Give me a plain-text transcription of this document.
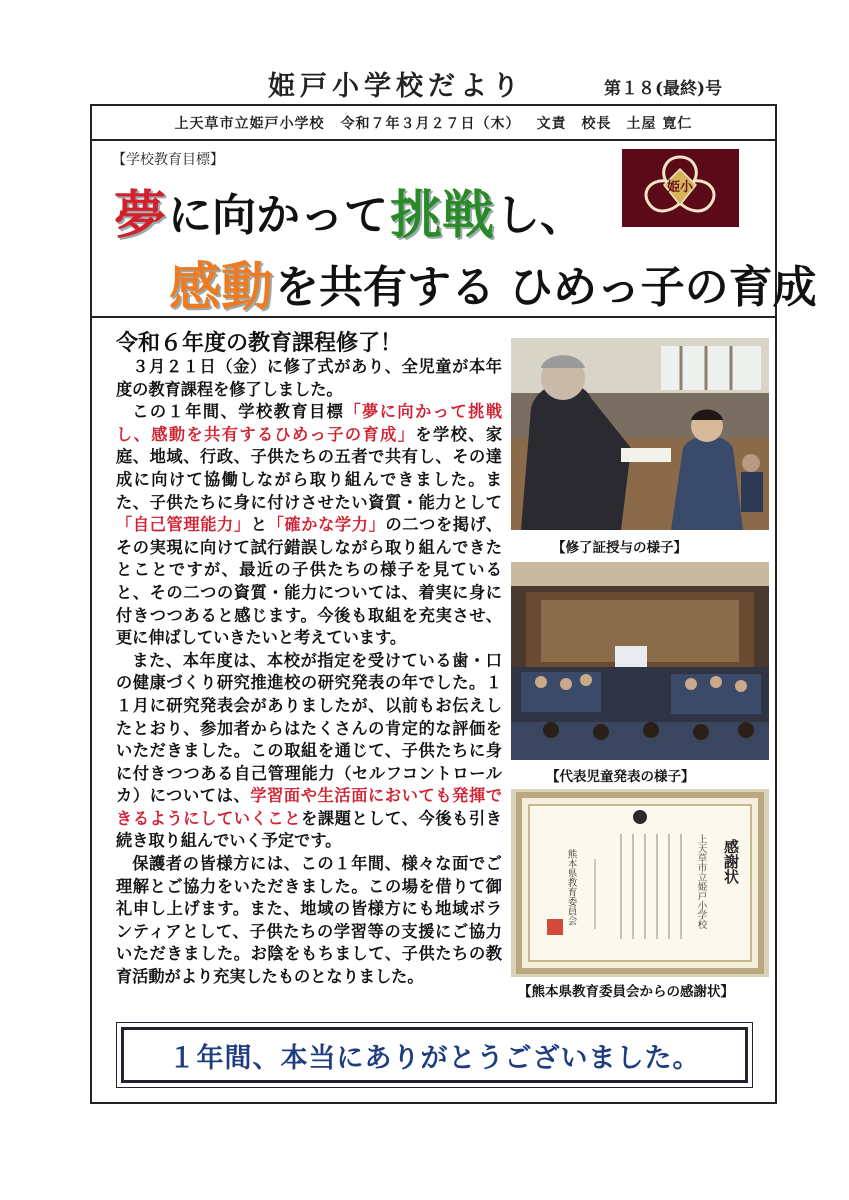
姫戸小学校だより	第１８(最終)号
上天草市立姫戸小学校 令和７年３月２７日（木） 文責　校長　土屋 寛仁
【学校教育目標】
夢 に向かって 挑戦 し、
感動 を共有する ひめっ子の育成
姫小
令和６年度の教育課程修了！

３月２１日（金）に修了式があり、全児童が本年度の教育課程を修了しました。

この１年間、学校教育目標「夢に向かって挑戦し、感動を共有するひめっ子の育成」を学校、家庭、地域、行政、子供たちの五者で共有し、その達成に向けて協働しながら取り組んできました。また、子供たちに身に付けさせたい資質・能力として「自己管理能力」と「確かな学力」の二つを掲げ、その実現に向けて試行錯誤しながら取り組んできたとことですが、最近の子供たちの様子を見ていると、その二つの資質・能力については、着実に身に付きつつあると感じます。今後も取組を充実させ、更に伸ばしていきたいと考えています。

また、本年度は、本校が指定を受けている歯・口の健康づくり研究推進校の研究発表の年でした。１１月に研究発表会がありましたが、以前もお伝えしたとおり、参加者からはたくさんの肯定的な評価をいただきました。この取組を通じて、子供たちに身に付きつつある自己管理能力（セルフコントロールカ）については、学習面や生活面においても発揮できるようにしていくことを課題として、今後も引き続き取り組んでいく予定です。

保護者の皆様方には、この１年間、様々な面でご理解とご協力をいただきました。この場を借りて御礼申し上げます。また、地域の皆様方にも地域ボランティアとして、子供たちの学習等の支援にご協力いただきました。お陰をもちまして、子供たちの教育活動がより充実したものとなりました。

【修了証授与の様子】
【代表児童発表の様子】
感謝状
上天草市立姫戸小学校
熊本県教育委員会
【熊本県教育委員会からの感謝状】
１年間、本当にありがとうございました。
